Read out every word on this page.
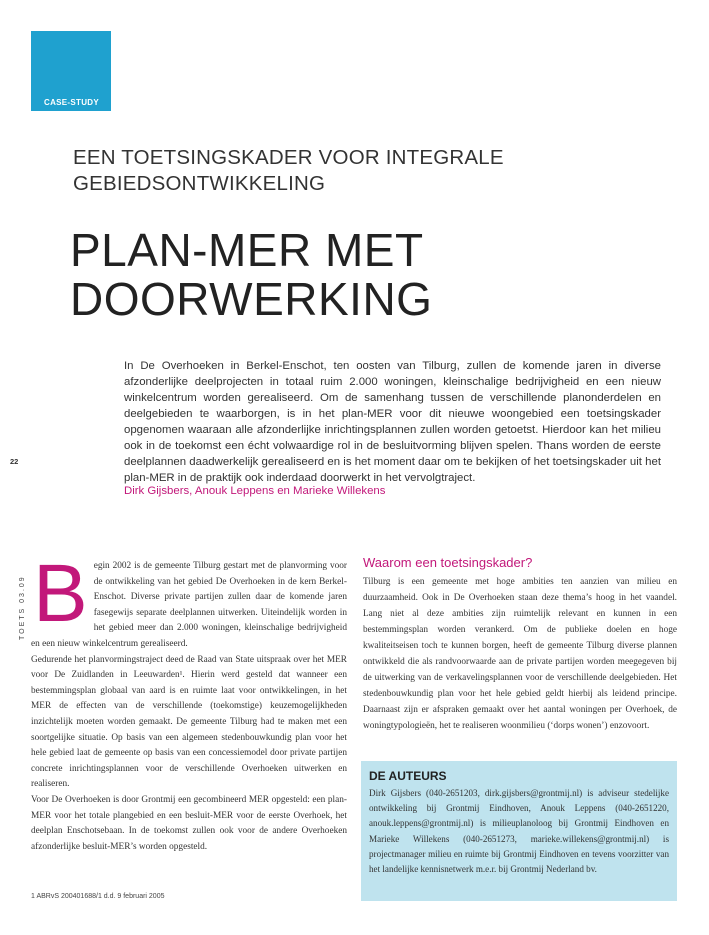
CASE-STUDY
EEN TOETSINGSKADER VOOR INTEGRALE
GEBIEDSONTWIKKELING
PLAN-MER MET
DOORWERKING
In De Overhoeken in Berkel-Enschot, ten oosten van Tilburg, zullen de komende jaren in diverse afzonderlijke deelprojecten in totaal ruim 2.000 woningen, kleinschalige bedrijvigheid en een nieuw winkelcentrum worden gerealiseerd. Om de samenhang tussen de verschillende planonderdelen en deelgebieden te waarborgen, is in het plan-MER voor dit nieuwe woongebied een toetsingskader opgenomen waaraan alle afzonderlijke inrichtingsplannen zullen worden getoetst. Hierdoor kan het milieu ook in de toekomst een écht volwaardige rol in de besluitvorming blijven spelen. Thans worden de eerste deelplannen daadwerkelijk gerealiseerd en is het moment daar om te bekijken of het toetsingskader uit het plan-MER in de praktijk ook inderdaad doorwerkt in het vervolgtraject.
Dirk Gijsbers, Anouk Leppens en Marieke Willekens
22
TOETS 03.09 B egin 2002 is de gemeente Tilburg gestart met de planvorming voor de ontwikkeling van het gebied De Overhoeken in de kern Berkel-Enschot. Diverse private partijen zullen daar de komende jaren fasegewijs separate deelplannen uitwerken. Uiteindelijk worden in het gebied meer dan 2.000 woningen, kleinschalige bedrijvigheid en een nieuw winkelcentrum gerealiseerd.

Gedurende het planvormingstraject deed de Raad van State uitspraak over het MER voor De Zuidlanden in Leeuwarden¹. Hierin werd gesteld dat wanneer een bestemmingsplan globaal van aard is en ruimte laat voor ontwikkelingen, in het MER de effecten van de verschillende (toekomstige) keuzemogelijkheden inzichtelijk moeten worden gemaakt. De gemeente Tilburg had te maken met een soortgelijke situatie. Op basis van een algemeen stedenbouwkundig plan voor het hele gebied laat de gemeente op basis van een concessiemodel door private partijen concrete inrichtingsplannen voor de verschillende Overhoeken uitwerken en realiseren.

Voor De Overhoeken is door Grontmij een gecombineerd MER opgesteld: een plan-MER voor het totale plangebied en een besluit-MER voor de eerste Overhoek, het deelplan Enschotsebaan. In de toekomst zullen ook voor de andere Overhoeken afzonderlijke besluit-MER’s worden opgesteld.

Waarom een toetsingskader?
Tilburg is een gemeente met hoge ambities ten aanzien van milieu en duurzaamheid. Ook in De Overhoeken staan deze thema’s hoog in het vaandel. Lang niet al deze ambities zijn ruimtelijk relevant en kunnen in een bestemmingsplan worden verankerd. Om de publieke doelen en hoge kwaliteitseisen toch te kunnen borgen, heeft de gemeente Tilburg diverse plannen ontwikkeld die als randvoorwaarde aan de private partijen worden meegegeven bij de uitwerking van de verkavelingsplannen voor de verschillende deelgebieden. Het stedenbouwkundig plan voor het hele gebied geldt hierbij als leidend principe. Daarnaast zijn er afspraken gemaakt over het aantal woningen per Overhoek, de woningtypologieën, het te realiseren woonmilieu (‘dorps wonen’) enzovoort.
DE AUTEURS
Dirk Gijsbers (040-2651203, dirk.gijsbers@grontmij.nl) is adviseur stedelijke ontwikkeling bij Grontmij Eindhoven, Anouk Leppens (040-2651220, anouk.leppens@grontmij.nl) is milieuplanoloog bij Grontmij Eindhoven en Marieke Willekens (040-2651273, marieke.willekens@grontmij.nl) is projectmanager milieu en ruimte bij Grontmij Eindhoven en tevens voorzitter van het landelijke kennisnetwerk m.e.r. bij Grontmij Nederland bv.
1 ABRvS 200401688/1 d.d. 9 februari 2005
